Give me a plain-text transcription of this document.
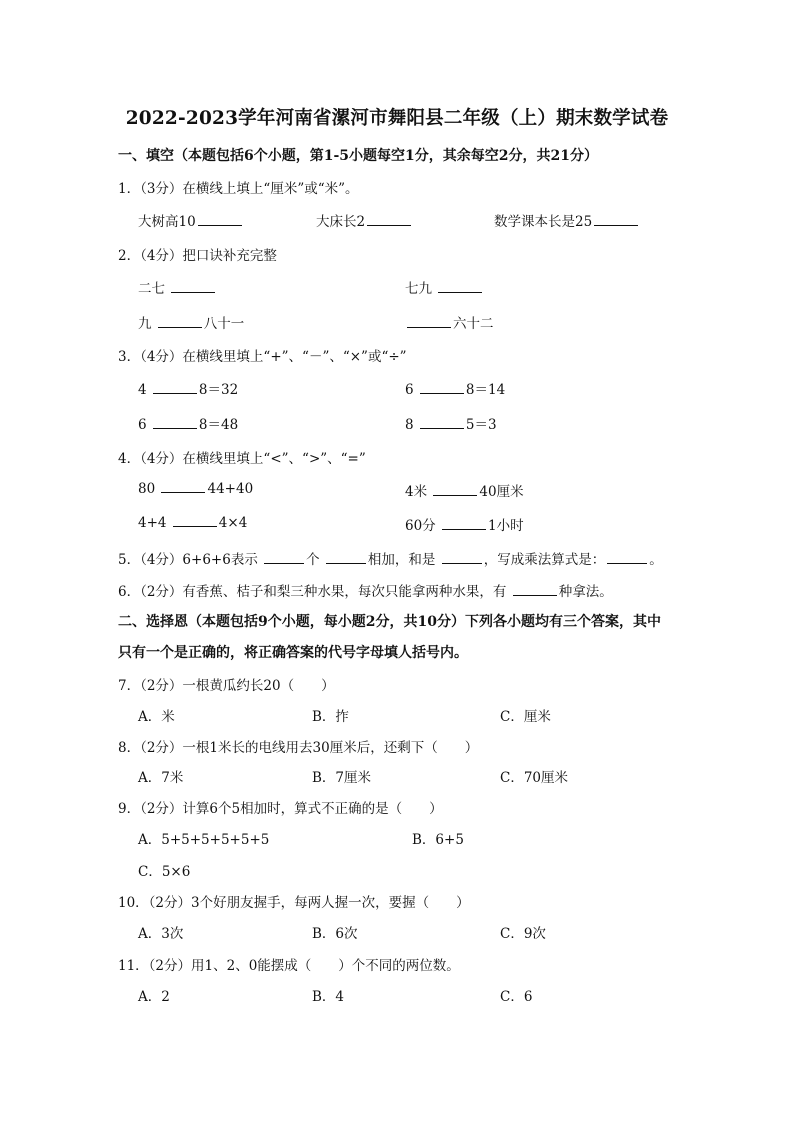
2022-2023学年河南省漯河市舞阳县二年级（上）期末数学试卷
一、填空（本题包括6个小题，第1-5小题每空1分，其余每空2分，共21分）
1．（3分）在横线上填上“厘米”或“米”。
大树高10	大床长2	数学课本长是25
2．（4分）把口诀补充完整
二七	七九
九	八十一	六十二
3．（4分）在横线里填上“+”、“－”、“×”或“÷”
4	8＝32	6	8＝14
6	8＝48	8	5＝3
4．（4分）在横线里填上“<”、“>”、“=”
80	44+40	4米	40厘米
4+4	4×4	60分	1小时
5．（4分）6+6+6表示	个	相加，和是	，写成乘法算式是：	。
6．（2分）有香蕉、桔子和梨三种水果，每次只能拿两种水果，有	种拿法。
二、选择恩（本题包括9个小题，每小题2分，共10分）下列各小题均有三个答案，其中
只有一个是正确的，将正确答案的代号字母填人括号内。
7．（2分）一根黄瓜约长20（　　）
A．米	B．拃	C．厘米
8．（2分）一根1米长的电线用去30厘米后，还剩下（　　）
A．7米	B．7厘米	C．70厘米
9．（2分）计算6个5相加时，算式不正确的是（　　）
A．5+5+5+5+5+5	B．6+5
C．5×6
10．（2分）3个好朋友握手，每两人握一次，要握（　　）
A．3次	B．6次	C．9次
11．（2分）用1、2、0能摆成（　　）个不同的两位数。
A．2	B．4	C．6
